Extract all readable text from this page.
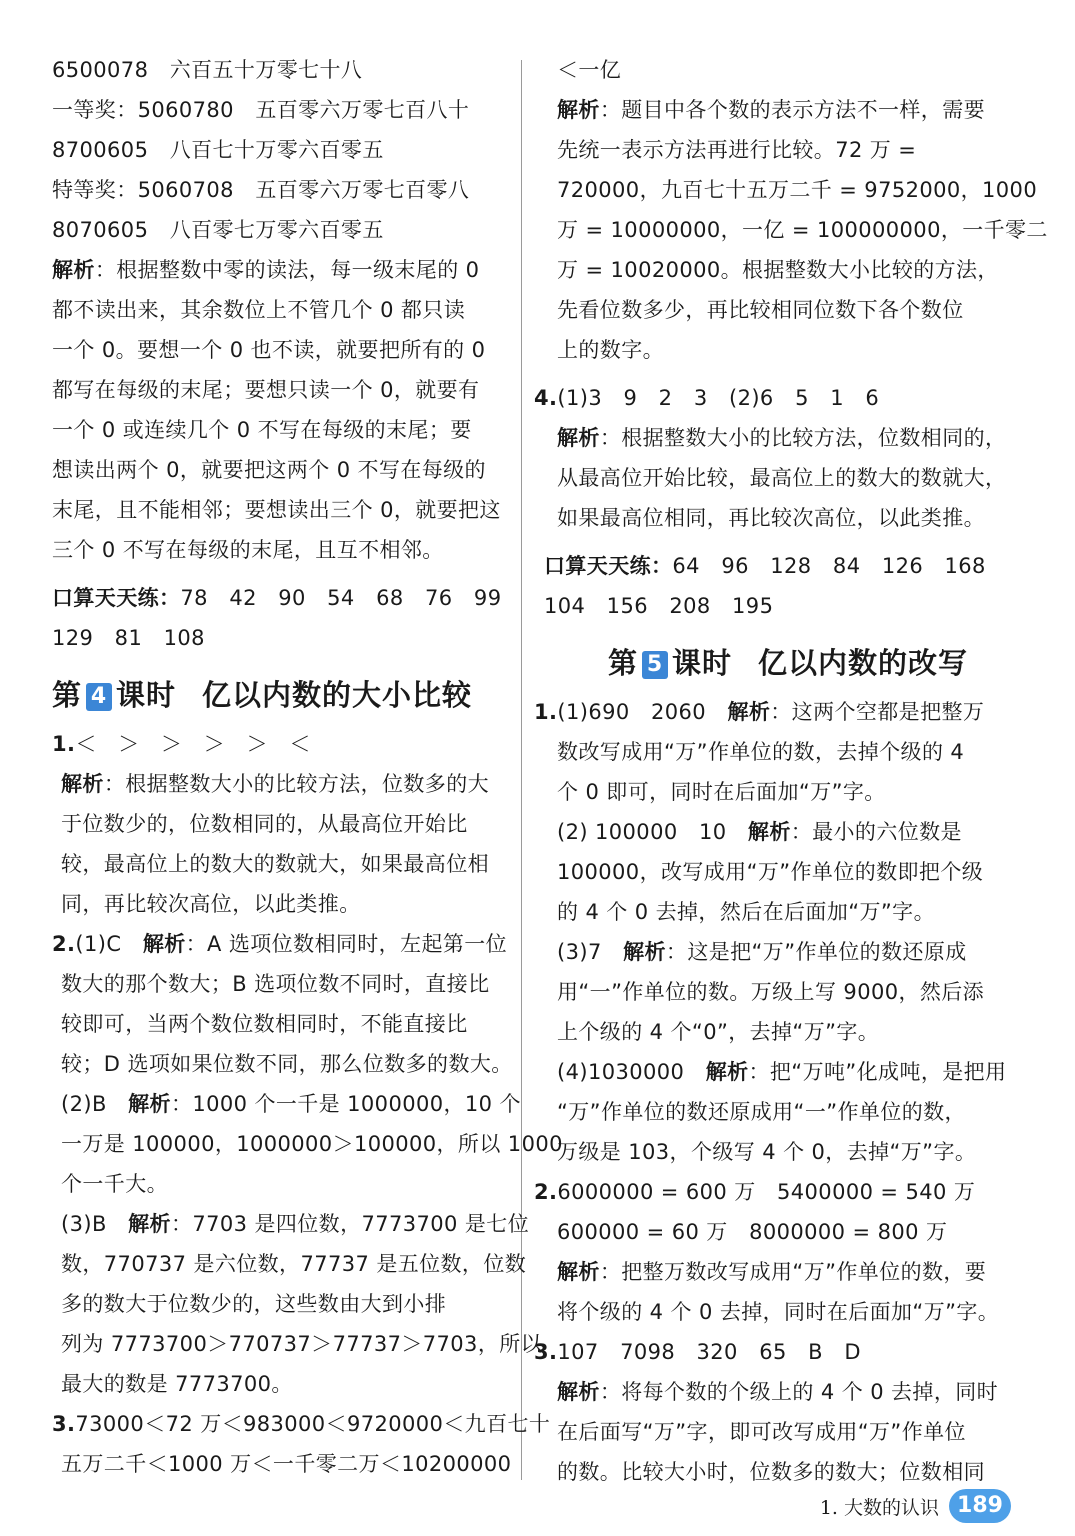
6500078　六百五十万零七十八
一等奖：5060780　五百零六万零七百八十
8700605　八百七十万零六百零五
特等奖：5060708　五百零六万零七百零八
8070605　八百零七万零六百零五
解析：根据整数中零的读法，每一级末尾的 0
都不读出来，其余数位上不管几个 0 都只读
一个 0。要想一个 0 也不读，就要把所有的 0
都写在每级的末尾；要想只读一个 0，就要有
一个 0 或连续几个 0 不写在每级的末尾；要
想读出两个 0，就要把这两个 0 不写在每级的
末尾，且不能相邻；要想读出三个 0，就要把这
三个 0 不写在每级的末尾，且互不相邻。
口算天天练：78　42　90　54　68　76　99
129　81　108
第 4 课时 亿以内数的大小比较
1.＜　＞　＞　＞　＞　＜
解析：根据整数大小的比较方法，位数多的大
于位数少的，位数相同的，从最高位开始比
较，最高位上的数大的数就大，如果最高位相
同，再比较次高位，以此类推。
2.(1)C　解析：A 选项位数相同时，左起第一位
数大的那个数大；B 选项位数不同时，直接比
较即可，当两个数位数相同时，不能直接比
较；D 选项如果位数不同，那么位数多的数大。
(2)B　解析：1000 个一千是 1000000，10 个
一万是 100000，1000000＞100000，所以 1000
个一千大。
(3)B　解析：7703 是四位数，7773700 是七位
数，770737 是六位数，77737 是五位数，位数
多的数大于位数少的，这些数由大到小排
列为 7773700＞770737＞77737＞7703，所以
最大的数是 7773700。
3.73000＜72 万＜983000＜9720000＜九百七十
五万二千＜1000 万＜一千零二万＜10200000
＜一亿
解析：题目中各个数的表示方法不一样，需要
先统一表示方法再进行比较。72 万 =
720000，九百七十五万二千 = 9752000，1000
万 = 10000000，一亿 = 100000000，一千零二
万 = 10020000。根据整数大小比较的方法，
先看位数多少，再比较相同位数下各个数位
上的数字。
4.(1)3　9　2　3　(2)6　5　1　6
解析：根据整数大小的比较方法，位数相同的，
从最高位开始比较，最高位上的数大的数就大，
如果最高位相同，再比较次高位，以此类推。
口算天天练：64　96　128　84　126　168
104　156　208　195
第 5 课时 亿以内数的改写
1.(1)690　2060　解析：这两个空都是把整万
数改写成用“万”作单位的数，去掉个级的 4
个 0 即可，同时在后面加“万”字。
(2) 100000　10　解析：最小的六位数是
100000，改写成用“万”作单位的数即把个级
的 4 个 0 去掉，然后在后面加“万”字。
(3)7　解析：这是把“万”作单位的数还原成
用“一”作单位的数。万级上写 9000，然后添
上个级的 4 个“0”，去掉“万”字。
(4)1030000　解析：把“万吨”化成吨，是把用
“万”作单位的数还原成用“一”作单位的数，
万级是 103，个级写 4 个 0，去掉“万”字。
2.6000000 = 600 万　5400000 = 540 万
600000 = 60 万　8000000 = 800 万
解析：把整万数改写成用“万”作单位的数，要
将个级的 4 个 0 去掉，同时在后面加“万”字。
3.107　7098　320　65　B　D
解析：将每个数的个级上的 4 个 0 去掉，同时
在后面写“万”字，即可改写成用“万”作单位
的数。比较大小时，位数多的数大；位数相同
1. 大数的认识 189
